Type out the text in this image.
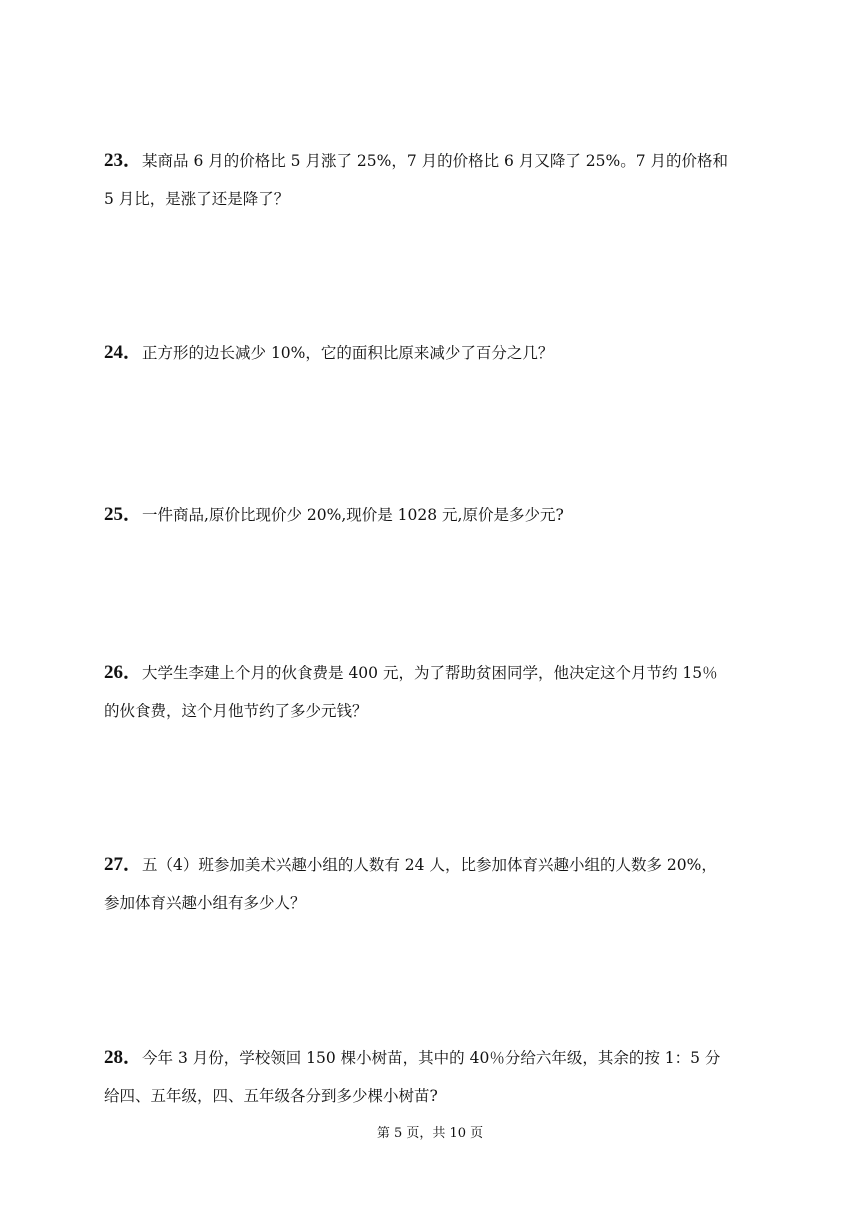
23．某商品 6 月的价格比 5 月涨了 25%，7 月的价格比 6 月又降了 25%。7 月的价格和
5 月比，是涨了还是降了？
24．正方形的边长减少 10%，它的面积比原来减少了百分之几？
25．一件商品,原价比现价少 20%,现价是 1028 元,原价是多少元?
26．大学生李建上个月的伙食费是 400 元，为了帮助贫困同学，他决定这个月节约 15％
的伙食费，这个月他节约了多少元钱？
27．五（4）班参加美术兴趣小组的人数有 24 人，比参加体育兴趣小组的人数多 20%，
参加体育兴趣小组有多少人？
28．今年 3 月份，学校领回 150 棵小树苗，其中的 40％分给六年级，其余的按 1：5 分
给四、五年级，四、五年级各分到多少棵小树苗?
第 5 页，共 10 页
